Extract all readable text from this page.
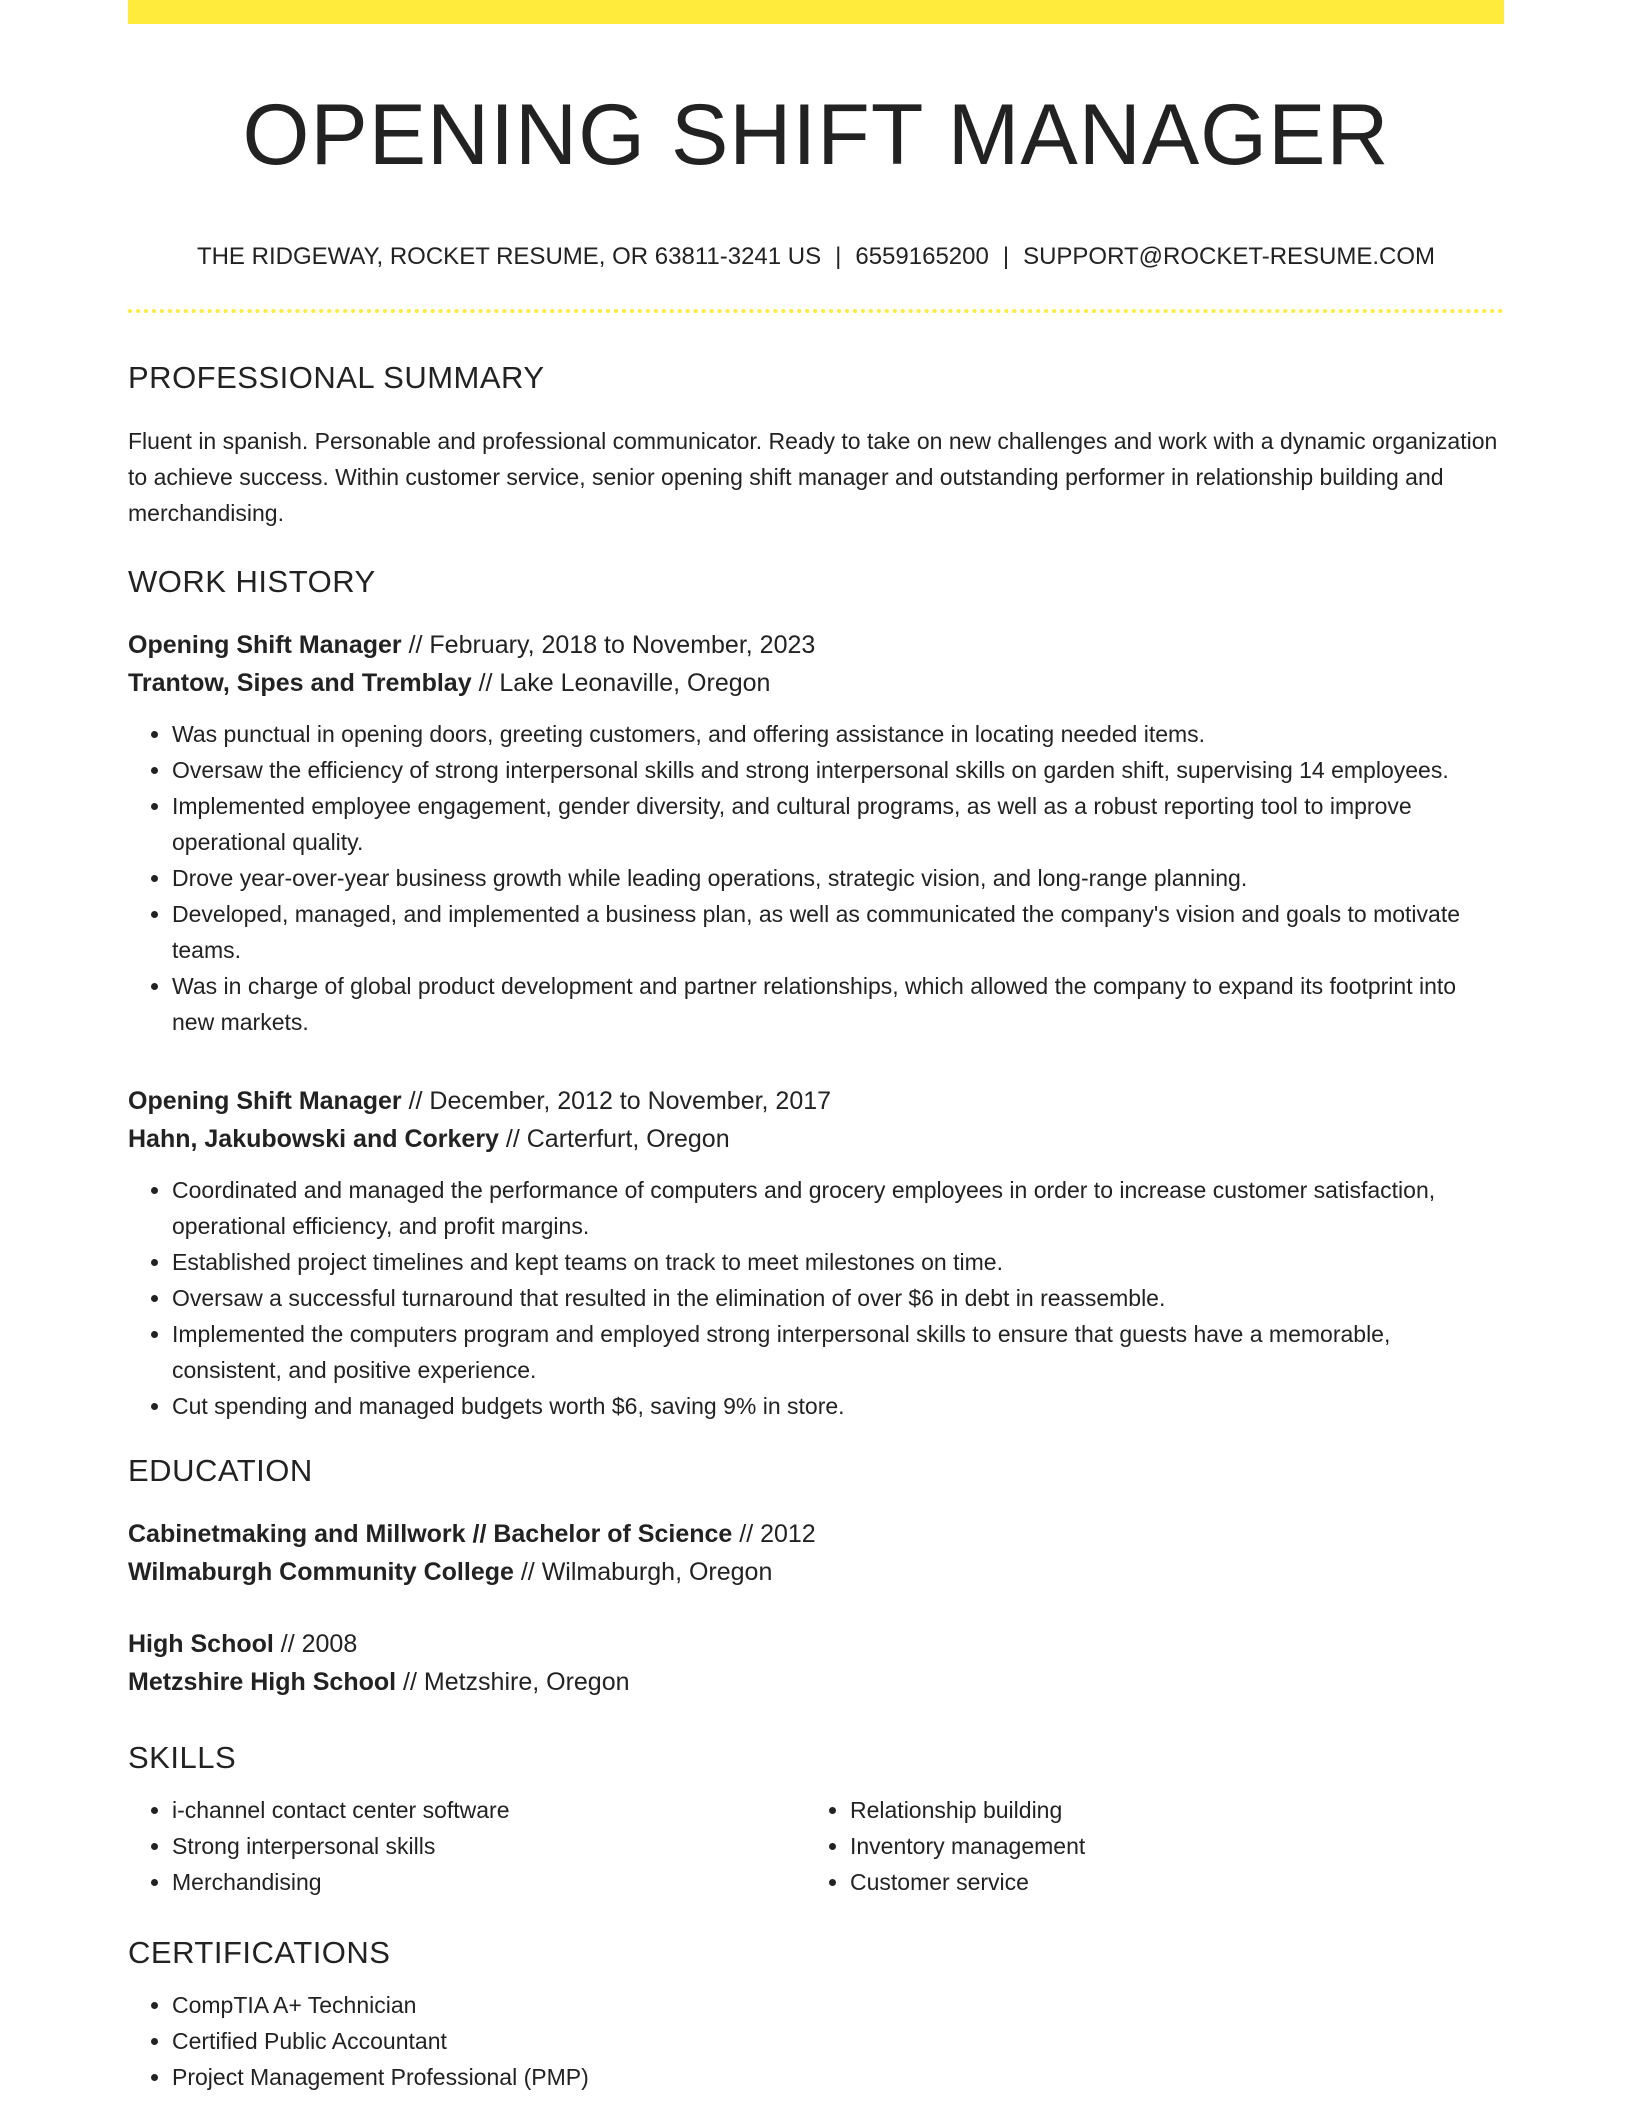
OPENING SHIFT MANAGER
THE RIDGEWAY, ROCKET RESUME, OR 63811-3241 US | 6559165200 | SUPPORT@ROCKET-RESUME.COM
PROFESSIONAL SUMMARY

Fluent in spanish. Personable and professional communicator. Ready to take on new challenges and work with a dynamic organization to achieve success. Within customer service, senior opening shift manager and outstanding performer in relationship building and merchandising.

WORK HISTORY
Opening Shift Manager // February, 2018 to November, 2023
Trantow, Sipes and Tremblay // Lake Leonaville, Oregon
• Was punctual in opening doors, greeting customers, and offering assistance in locating needed items.
• Oversaw the efficiency of strong interpersonal skills and strong interpersonal skills on garden shift, supervising 14 employees.
• Implemented employee engagement, gender diversity, and cultural programs, as well as a robust reporting tool to improve operational quality.
• Drove year-over-year business growth while leading operations, strategic vision, and long-range planning.
• Developed, managed, and implemented a business plan, as well as communicated the company's vision and goals to motivate teams.
• Was in charge of global product development and partner relationships, which allowed the company to expand its footprint into new markets.
Opening Shift Manager // December, 2012 to November, 2017
Hahn, Jakubowski and Corkery // Carterfurt, Oregon
• Coordinated and managed the performance of computers and grocery employees in order to increase customer satisfaction, operational efficiency, and profit margins.
• Established project timelines and kept teams on track to meet milestones on time.
• Oversaw a successful turnaround that resulted in the elimination of over $6 in debt in reassemble.
• Implemented the computers program and employed strong interpersonal skills to ensure that guests have a memorable, consistent, and positive experience.
• Cut spending and managed budgets worth $6, saving 9% in store.
EDUCATION
Cabinetmaking and Millwork // Bachelor of Science // 2012
Wilmaburgh Community College // Wilmaburgh, Oregon
High School // 2008
Metzshire High School // Metzshire, Oregon
SKILLS
• i-channel contact center software
• Strong interpersonal skills
• Merchandising
• Relationship building
• Inventory management
• Customer service
CERTIFICATIONS
• CompTIA A+ Technician
• Certified Public Accountant
• Project Management Professional (PMP)
